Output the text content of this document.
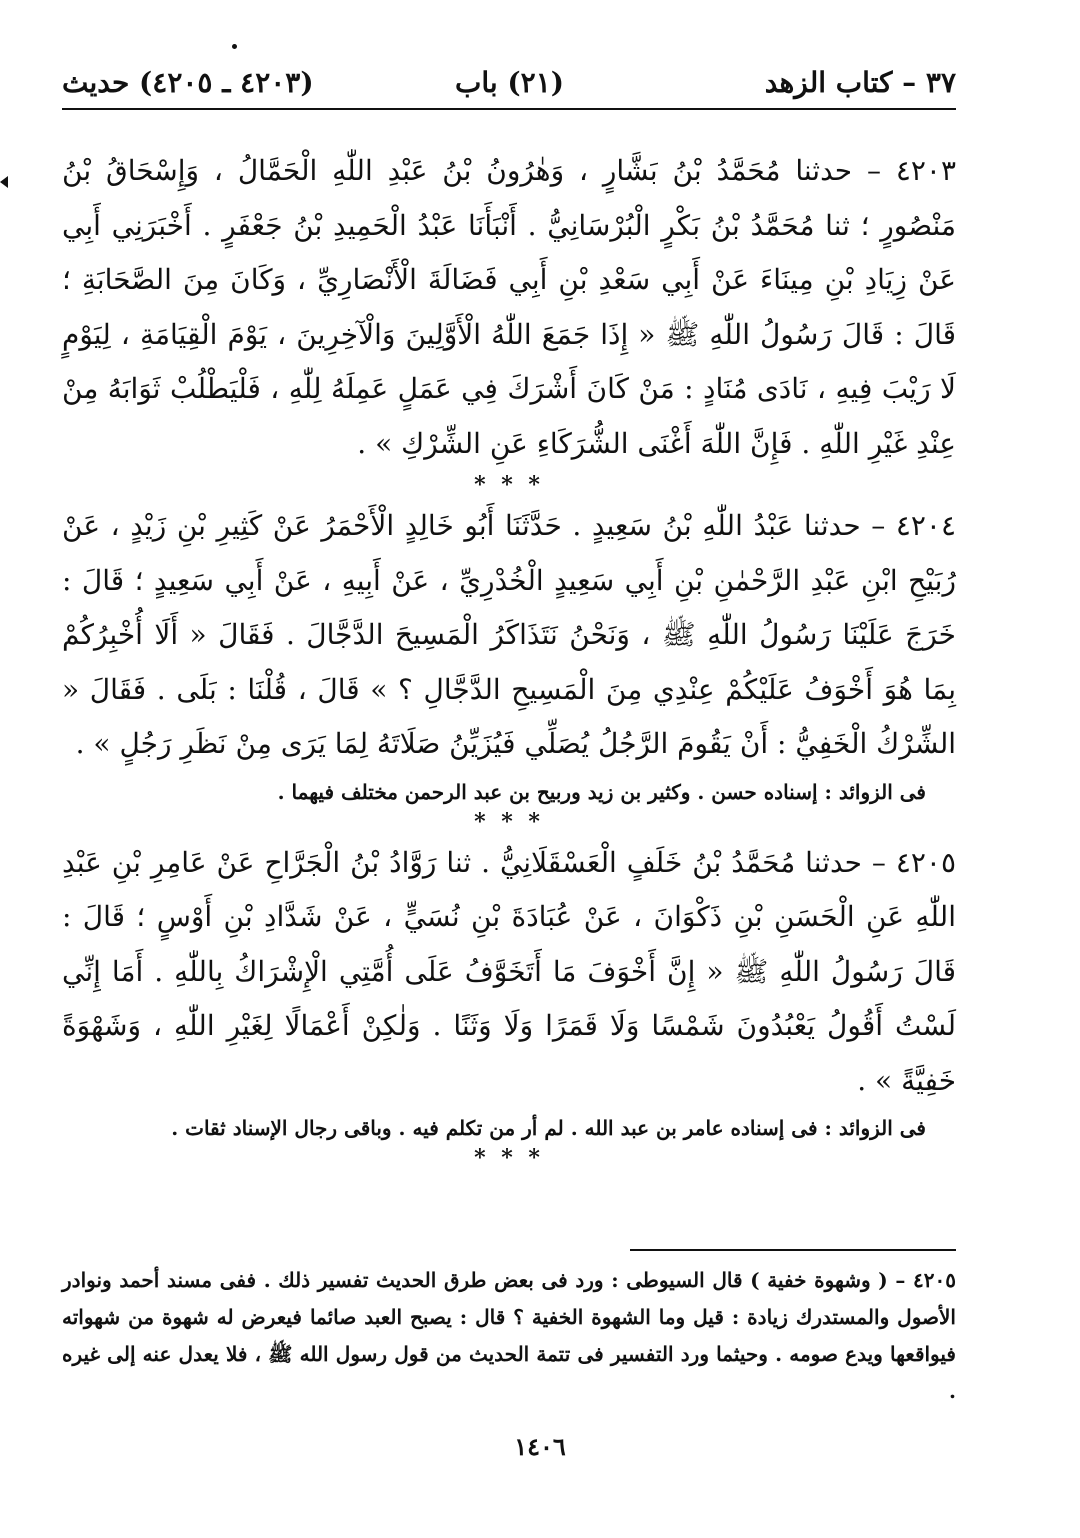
٣٧ – كتاب الزهد
(٢١) باب
(٤٢٠٣ ـ ٤٢٠٥) حديث

٤٢٠٣ – حدثنا مُحَمَّدُ بْنُ بَشَّارٍ ، وَهٰرُونُ بْنُ عَبْدِ اللّٰهِ الْحَمَّالُ ، وَإِسْحَاقُ بْنُ مَنْصُورٍ ؛ ثنا مُحَمَّدُ بْنُ بَكْرٍ الْبُرْسَانِيُّ . أَنْبَأَنَا عَبْدُ الْحَمِيدِ بْنُ جَعْفَرٍ . أَخْبَرَنِي أَبِي عَنْ زِيَادِ بْنِ مِينَاءَ عَنْ أَبِي سَعْدِ بْنِ أَبِي فَضَالَةَ الْأَنْصَارِيِّ ، وَكَانَ مِنَ الصَّحَابَةِ ؛ قَالَ : قَالَ رَسُولُ اللّٰهِ ﷺ « إِذَا جَمَعَ اللّٰهُ الْأَوَّلِينَ وَالْآخِرِينَ ، يَوْمَ الْقِيَامَةِ ، لِيَوْمٍ لَا رَيْبَ فِيهِ ، نَادَى مُنَادٍ : مَنْ كَانَ أَشْرَكَ فِي عَمَلٍ عَمِلَهُ لِلّٰهِ ، فَلْيَطْلُبْ ثَوَابَهُ مِنْ عِنْدِ غَيْرِ اللّٰهِ . فَإِنَّ اللّٰهَ أَغْنَى الشُّرَكَاءِ عَنِ الشِّرْكِ » .

* * *

٤٢٠٤ – حدثنا عَبْدُ اللّٰهِ بْنُ سَعِيدٍ . حَدَّثَنَا أَبُو خَالِدٍ الْأَحْمَرُ عَنْ كَثِيرِ بْنِ زَيْدٍ ، عَنْ رُبَيْحِ ابْنِ عَبْدِ الرَّحْمٰنِ بْنِ أَبِي سَعِيدٍ الْخُدْرِيِّ ، عَنْ أَبِيهِ ، عَنْ أَبِي سَعِيدٍ ؛ قَالَ : خَرَجَ عَلَيْنَا رَسُولُ اللّٰهِ ﷺ ، وَنَحْنُ نَتَذَاكَرُ الْمَسِيحَ الدَّجَّالَ . فَقَالَ « أَلَا أُخْبِرُكُمْ بِمَا هُوَ أَخْوَفُ عَلَيْكُمْ عِنْدِي مِنَ الْمَسِيحِ الدَّجَّالِ ؟ » قَالَ ، قُلْنَا : بَلَى . فَقَالَ « الشِّرْكُ الْخَفِيُّ : أَنْ يَقُومَ الرَّجُلُ يُصَلِّي فَيُزَيِّنُ صَلَاتَهُ لِمَا يَرَى مِنْ نَظَرِ رَجُلٍ » .

فى الزوائد : إسناده حسن . وكثير بن زيد وربيح بن عبد الرحمن مختلف فيهما .

* * *

٤٢٠٥ – حدثنا مُحَمَّدُ بْنُ خَلَفٍ الْعَسْقَلَانِيُّ . ثنا رَوَّادُ بْنُ الْجَرَّاحِ عَنْ عَامِرِ بْنِ عَبْدِ اللّٰهِ عَنِ الْحَسَنِ بْنِ ذَكْوَانَ ، عَنْ عُبَادَةَ بْنِ نُسَيٍّ ، عَنْ شَدَّادِ بْنِ أَوْسٍ ؛ قَالَ : قَالَ رَسُولُ اللّٰهِ ﷺ « إِنَّ أَخْوَفَ مَا أَتَخَوَّفُ عَلَى أُمَّتِي الْإِشْرَاكُ بِاللّٰهِ . أَمَا إِنِّي لَسْتُ أَقُولُ يَعْبُدُونَ شَمْسًا وَلَا قَمَرًا وَلَا وَثَنًا . وَلٰكِنْ أَعْمَالًا لِغَيْرِ اللّٰهِ ، وَشَهْوَةً خَفِيَّةً » .

فى الزوائد : فى إسناده عامر بن عبد الله . لم أر من تكلم فيه . وباقى رجال الإسناد ثقات .

* * *

٤٢٠٥ – ( وشهوة خفية ) قال السيوطى : ورد فى بعض طرق الحديث تفسير ذلك . ففى مسند أحمد ونوادر الأصول والمستدرك زيادة : قيل وما الشهوة الخفية ؟ قال : يصبح العبد صائما فيعرض له شهوة من شهواته فيواقعها ويدع صومه . وحيثما ورد التفسير فى تتمة الحديث من قول رسول الله ﷺ ، فلا يعدل عنه إلى غيره .

١٤٠٦
